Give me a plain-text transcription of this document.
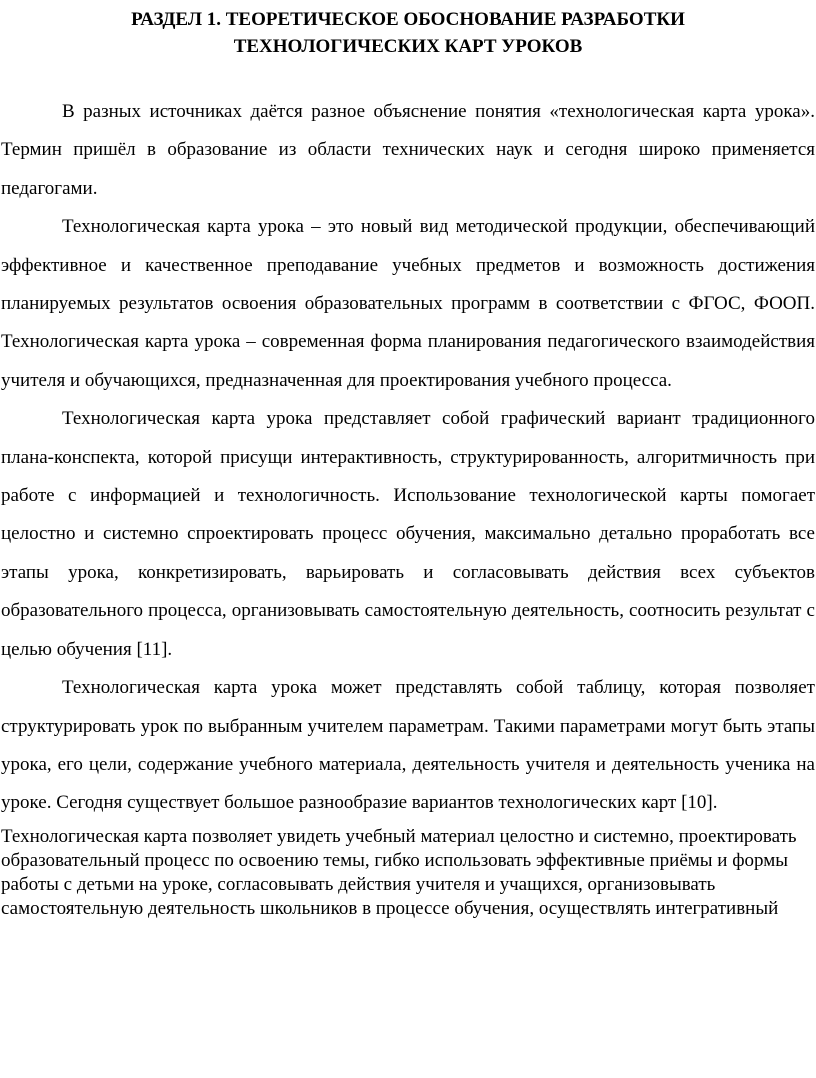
РАЗДЕЛ 1. ТЕОРЕТИЧЕСКОЕ ОБОСНОВАНИЕ РАЗРАБОТКИ
ТЕХНОЛОГИЧЕСКИХ КАРТ УРОКОВ

В разных источниках даётся разное объяснение понятия «технологическая карта урока». Термин пришёл в образование из области технических наук и сегодня широко применяется педагогами.

Технологическая карта урока – это новый вид методической продукции, обеспечивающий эффективное и качественное преподавание учебных предметов и возможность достижения планируемых результатов освоения образовательных программ в соответствии с ФГОС, ФООП. Технологическая карта урока – современная форма планирования педагогического взаимодействия учителя и обучающихся, предназначенная для проектирования учебного процесса.

Технологическая карта урока представляет собой графический вариант традиционного плана-конспекта, которой присущи интерактивность, структурированность, алгоритмичность при работе с информацией и технологичность. Использование технологической карты помогает целостно и системно спроектировать процесс обучения, максимально детально проработать все этапы урока, конкретизировать, варьировать и согласовывать действия всех субъектов образовательного процесса, организовывать самостоятельную деятельность, соотносить результат с целью обучения [11].

Технологическая карта урока может представлять собой таблицу, которая позволяет структурировать урок по выбранным учителем параметрам. Такими параметрами могут быть этапы урока, его цели, содержание учебного материала, деятельность учителя и деятельность ученика на уроке. Сегодня существует большое разнообразие вариантов технологических карт [10].

Технологическая карта позволяет увидеть учебный материал целостно и системно, проектировать образовательный процесс по освоению темы, гибко использовать эффективные приёмы и формы работы с детьми на уроке, согласовывать действия учителя и учащихся, организовывать самостоятельную деятельность школьников в процессе обучения, осуществлять интегративный
